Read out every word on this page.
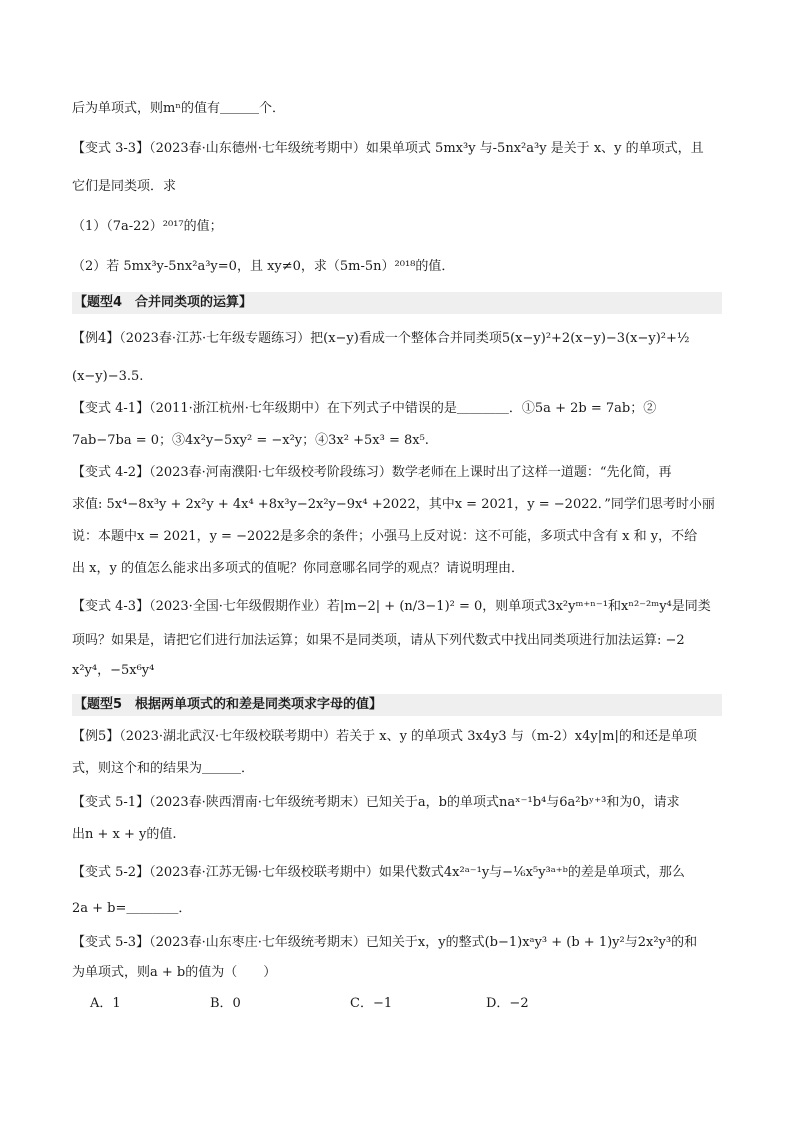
后为单项式，则mⁿ的值有＿＿＿个．
【变式 3-3】（2023春·山东德州·七年级统考期中）如果单项式 5mx³y 与-5nx²a³y 是关于 x、y 的单项式，且
它们是同类项．求
（1）（7a-22）²⁰¹⁷的值；
（2）若 5mx³y-5nx²a³y=0，且 xy≠0，求（5m-5n）²⁰¹⁸的值．
【题型4　合并同类项的运算】
【例4】（2023春·江苏·七年级专题练习）把(x−y)看成一个整体合并同类项5(x−y)²+2(x−y)−3(x−y)²+½
(x−y)−3.5.
【变式 4-1】（2011·浙江杭州·七年级期中）在下列式子中错误的是＿＿＿＿．①5a + 2b = 7ab；②
7ab−7ba = 0；③4x²y−5xy² = −x²y；④3x² +5x³ = 8x⁵.
【变式 4-2】（2023春·河南濮阳·七年级校考阶段练习）数学老师在上课时出了这样一道题：“先化简，再
求值: 5x⁴−8x³y + 2x²y + 4x⁴ +8x³y−2x²y−9x⁴ +2022，其中x = 2021，y = −2022．”同学们思考时小丽
说：本题中x = 2021，y = −2022是多余的条件；小强马上反对说：这不可能，多项式中含有 x 和 y，不给
出 x，y 的值怎么能求出多项式的值呢？你同意哪名同学的观点？请说明理由．
【变式 4-3】（2023·全国·七年级假期作业）若|m−2| + (n/3−1)² = 0，则单项式3x²yᵐ⁺ⁿ⁻¹和xⁿ²⁻²ᵐy⁴是同类
项吗？如果是，请把它们进行加法运算；如果不是同类项，请从下列代数式中找出同类项进行加法运算: −2
x²y⁴，−5x⁶y⁴
【题型5　根据两单项式的和差是同类项求字母的值】
【例5】（2023·湖北武汉·七年级校联考期中）若关于 x、y 的单项式 3x4y3 与（m-2）x4y|m|的和还是单项
式，则这个和的结果为＿＿＿．
【变式 5-1】（2023春·陕西渭南·七年级统考期末）已知关于a，b的单项式naˣ⁻¹b⁴与6a²bʸ⁺³和为0，请求
出n + x + y的值.
【变式 5-2】（2023春·江苏无锡·七年级校联考期中）如果代数式4x²ᵃ⁻¹y与−⅙x⁵y³ᵃ⁺ᵇ的差是单项式，那么
2a + b=＿＿＿＿．
【变式 5-3】（2023春·山东枣庄·七年级统考期末）已知关于x，y的整式(b−1)xᵃy³ + (b + 1)y²与2x²y³的和
为单项式，则a + b的值为（　　）
A．1	B．0	C．−1	D．−2
